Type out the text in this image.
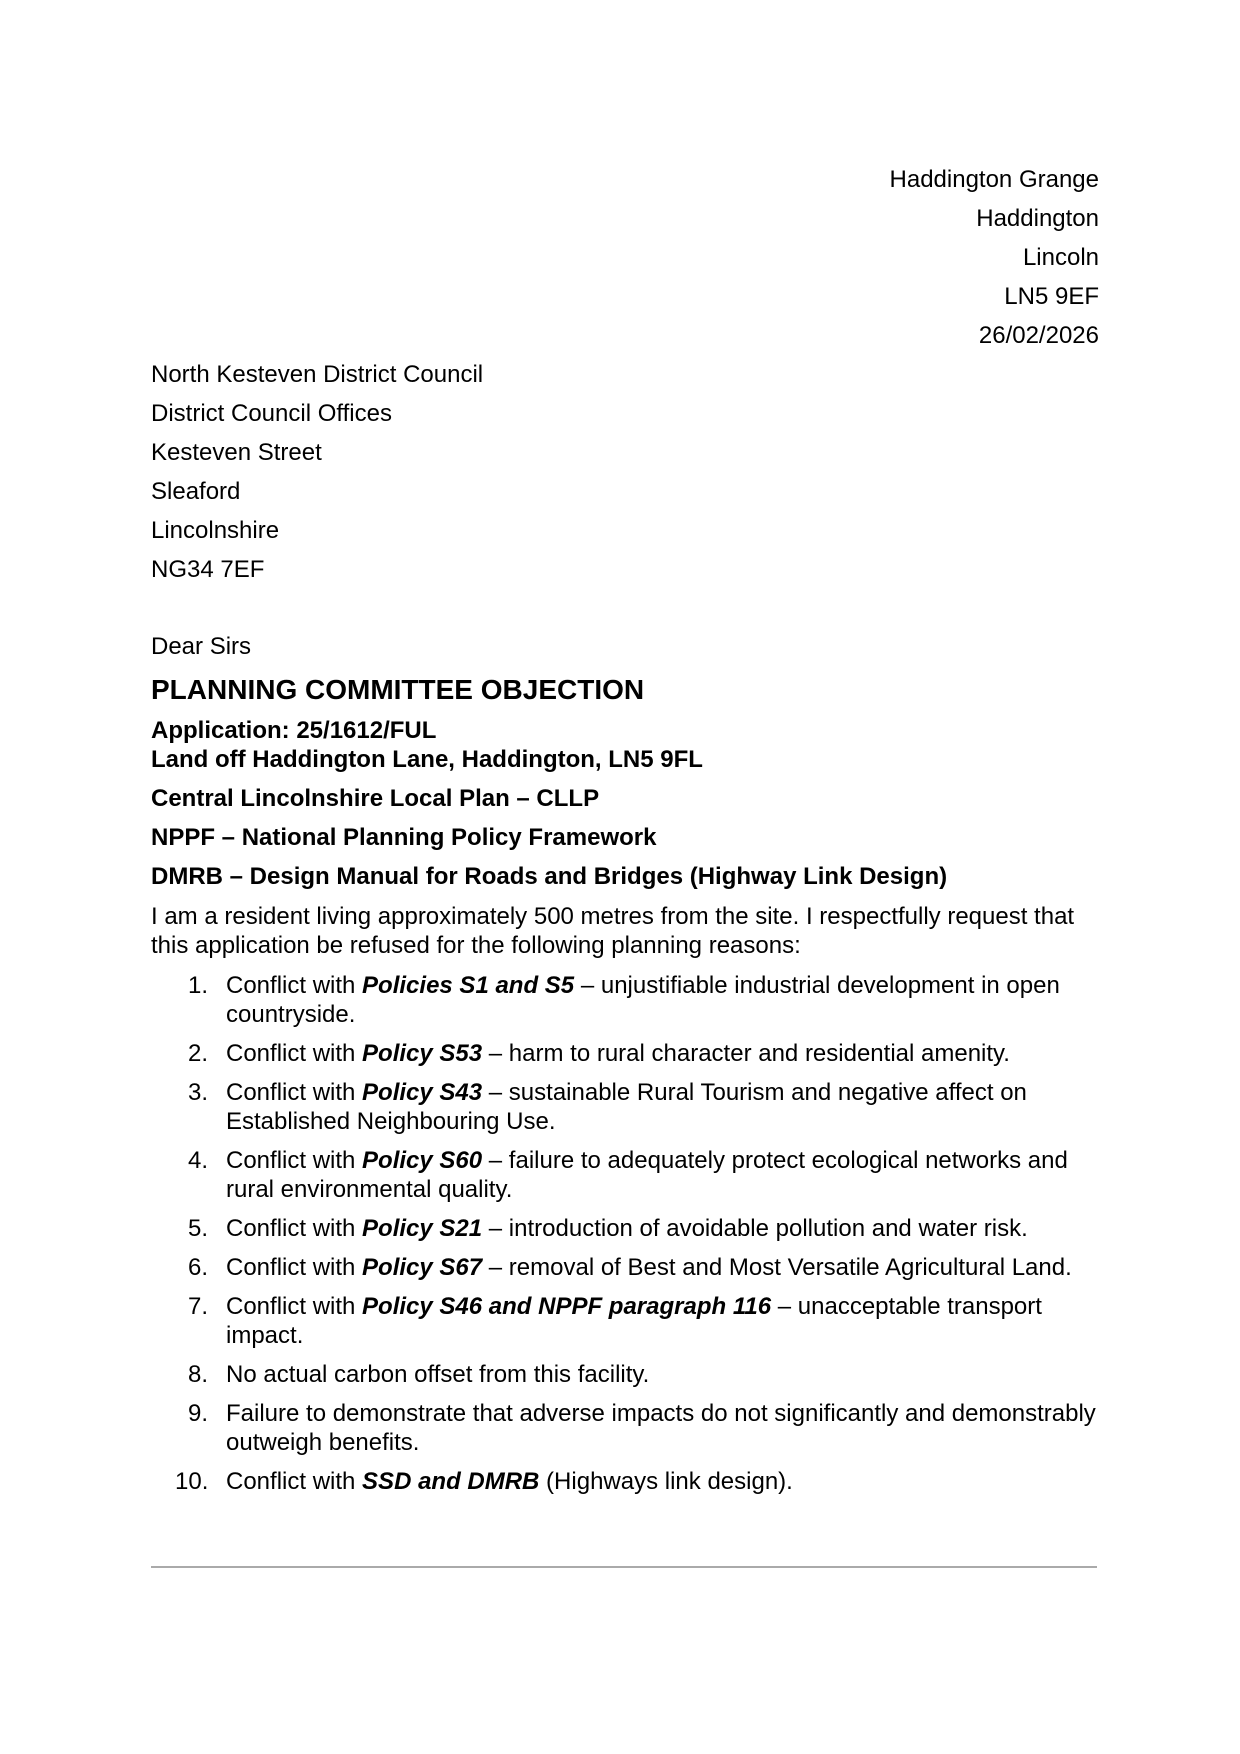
Haddington Grange
Haddington
Lincoln
LN5 9EF
26/02/2026
North Kesteven District Council
District Council Offices
Kesteven Street
Sleaford
Lincolnshire
NG34 7EF
Dear Sirs
PLANNING COMMITTEE OBJECTION
Application: 25/1612/FUL
Land off Haddington Lane, Haddington, LN5 9FL
Central Lincolnshire Local Plan – CLLP
NPPF – National Planning Policy Framework
DMRB – Design Manual for Roads and Bridges (Highway Link Design)
I am a resident living approximately 500 metres from the site. I respectfully request that this application be refused for the following planning reasons:
1. Conflict with Policies S1 and S5 – unjustifiable industrial development in open countryside.
2. Conflict with Policy S53 – harm to rural character and residential amenity.
3. Conflict with Policy S43 – sustainable Rural Tourism and negative affect on Established Neighbouring Use.
4. Conflict with Policy S60 – failure to adequately protect ecological networks and rural environmental quality.
5. Conflict with Policy S21 – introduction of avoidable pollution and water risk.
6. Conflict with Policy S67 – removal of Best and Most Versatile Agricultural Land.
7. Conflict with Policy S46 and NPPF paragraph 116 – unacceptable transport impact.
8. No actual carbon offset from this facility.
9. Failure to demonstrate that adverse impacts do not significantly and demonstrably outweigh benefits.
10. Conflict with SSD and DMRB (Highways link design).
